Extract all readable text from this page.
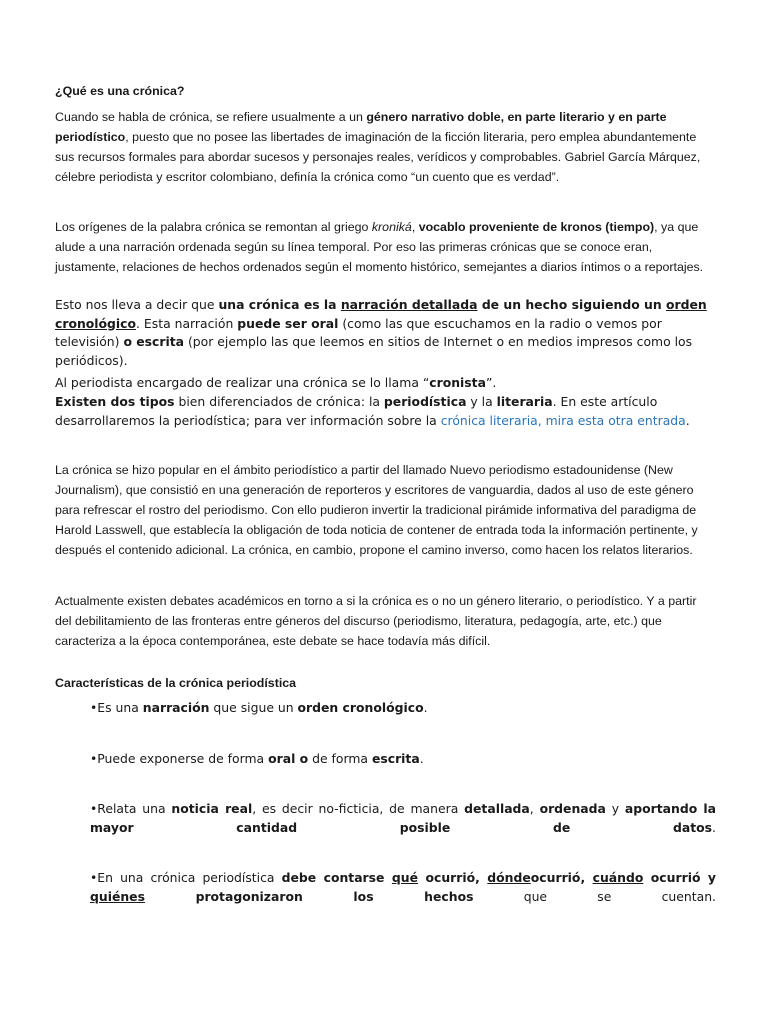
¿Qué es una crónica?

Cuando se habla de crónica, se refiere usualmente a un género narrativo doble, en parte literario y en parte periodístico, puesto que no posee las libertades de imaginación de la ficción literaria, pero emplea abundantemente sus recursos formales para abordar sucesos y personajes reales, verídicos y comprobables. Gabriel García Márquez, célebre periodista y escritor colombiano, definía la crónica como “un cuento que es verdad”.

Los orígenes de la palabra crónica se remontan al griego kroniká, vocablo proveniente de kronos (tiempo), ya que alude a una narración ordenada según su línea temporal. Por eso las primeras crónicas que se conoce eran, justamente, relaciones de hechos ordenados según el momento histórico, semejantes a diarios íntimos o a reportajes.

Esto nos lleva a decir que una crónica es la narración detallada de un hecho siguiendo un orden cronológico. Esta narración puede ser oral (como las que escuchamos en la radio o vemos por televisión) o escrita (por ejemplo las que leemos en sitios de Internet o en medios impresos como los periódicos).

Al periodista encargado de realizar una crónica se lo llama “cronista”.

Existen dos tipos bien diferenciados de crónica: la periodística y la literaria. En este artículo desarrollaremos la periodística; para ver información sobre la crónica literaria, mira esta otra entrada.

La crónica se hizo popular en el ámbito periodístico a partir del llamado Nuevo periodismo estadounidense (New Journalism), que consistió en una generación de reporteros y escritores de vanguardia, dados al uso de este género para refrescar el rostro del periodismo. Con ello pudieron invertir la tradicional pirámide informativa del paradigma de Harold Lasswell, que establecía la obligación de toda noticia de contener de entrada toda la información pertinente, y después el contenido adicional. La crónica, en cambio, propone el camino inverso, como hacen los relatos literarios.

Actualmente existen debates académicos en torno a si la crónica es o no un género literario, o periodístico. Y a partir del debilitamiento de las fronteras entre géneros del discurso (periodismo, literatura, pedagogía, arte, etc.) que caracteriza a la época contemporánea, este debate se hace todavía más difícil.

Características de la crónica periodística

•Es una narración que sigue un orden cronológico.

•Puede exponerse de forma oral o de forma escrita.

•Relata una noticia real, es decir no-ficticia, de manera detallada, ordenada y aportando la mayor cantidad posible de datos.

•En una crónica periodística debe contarse qué ocurrió, dóndeocurrió, cuándo ocurrió y quiénes protagonizaron los hechos que se cuentan.
